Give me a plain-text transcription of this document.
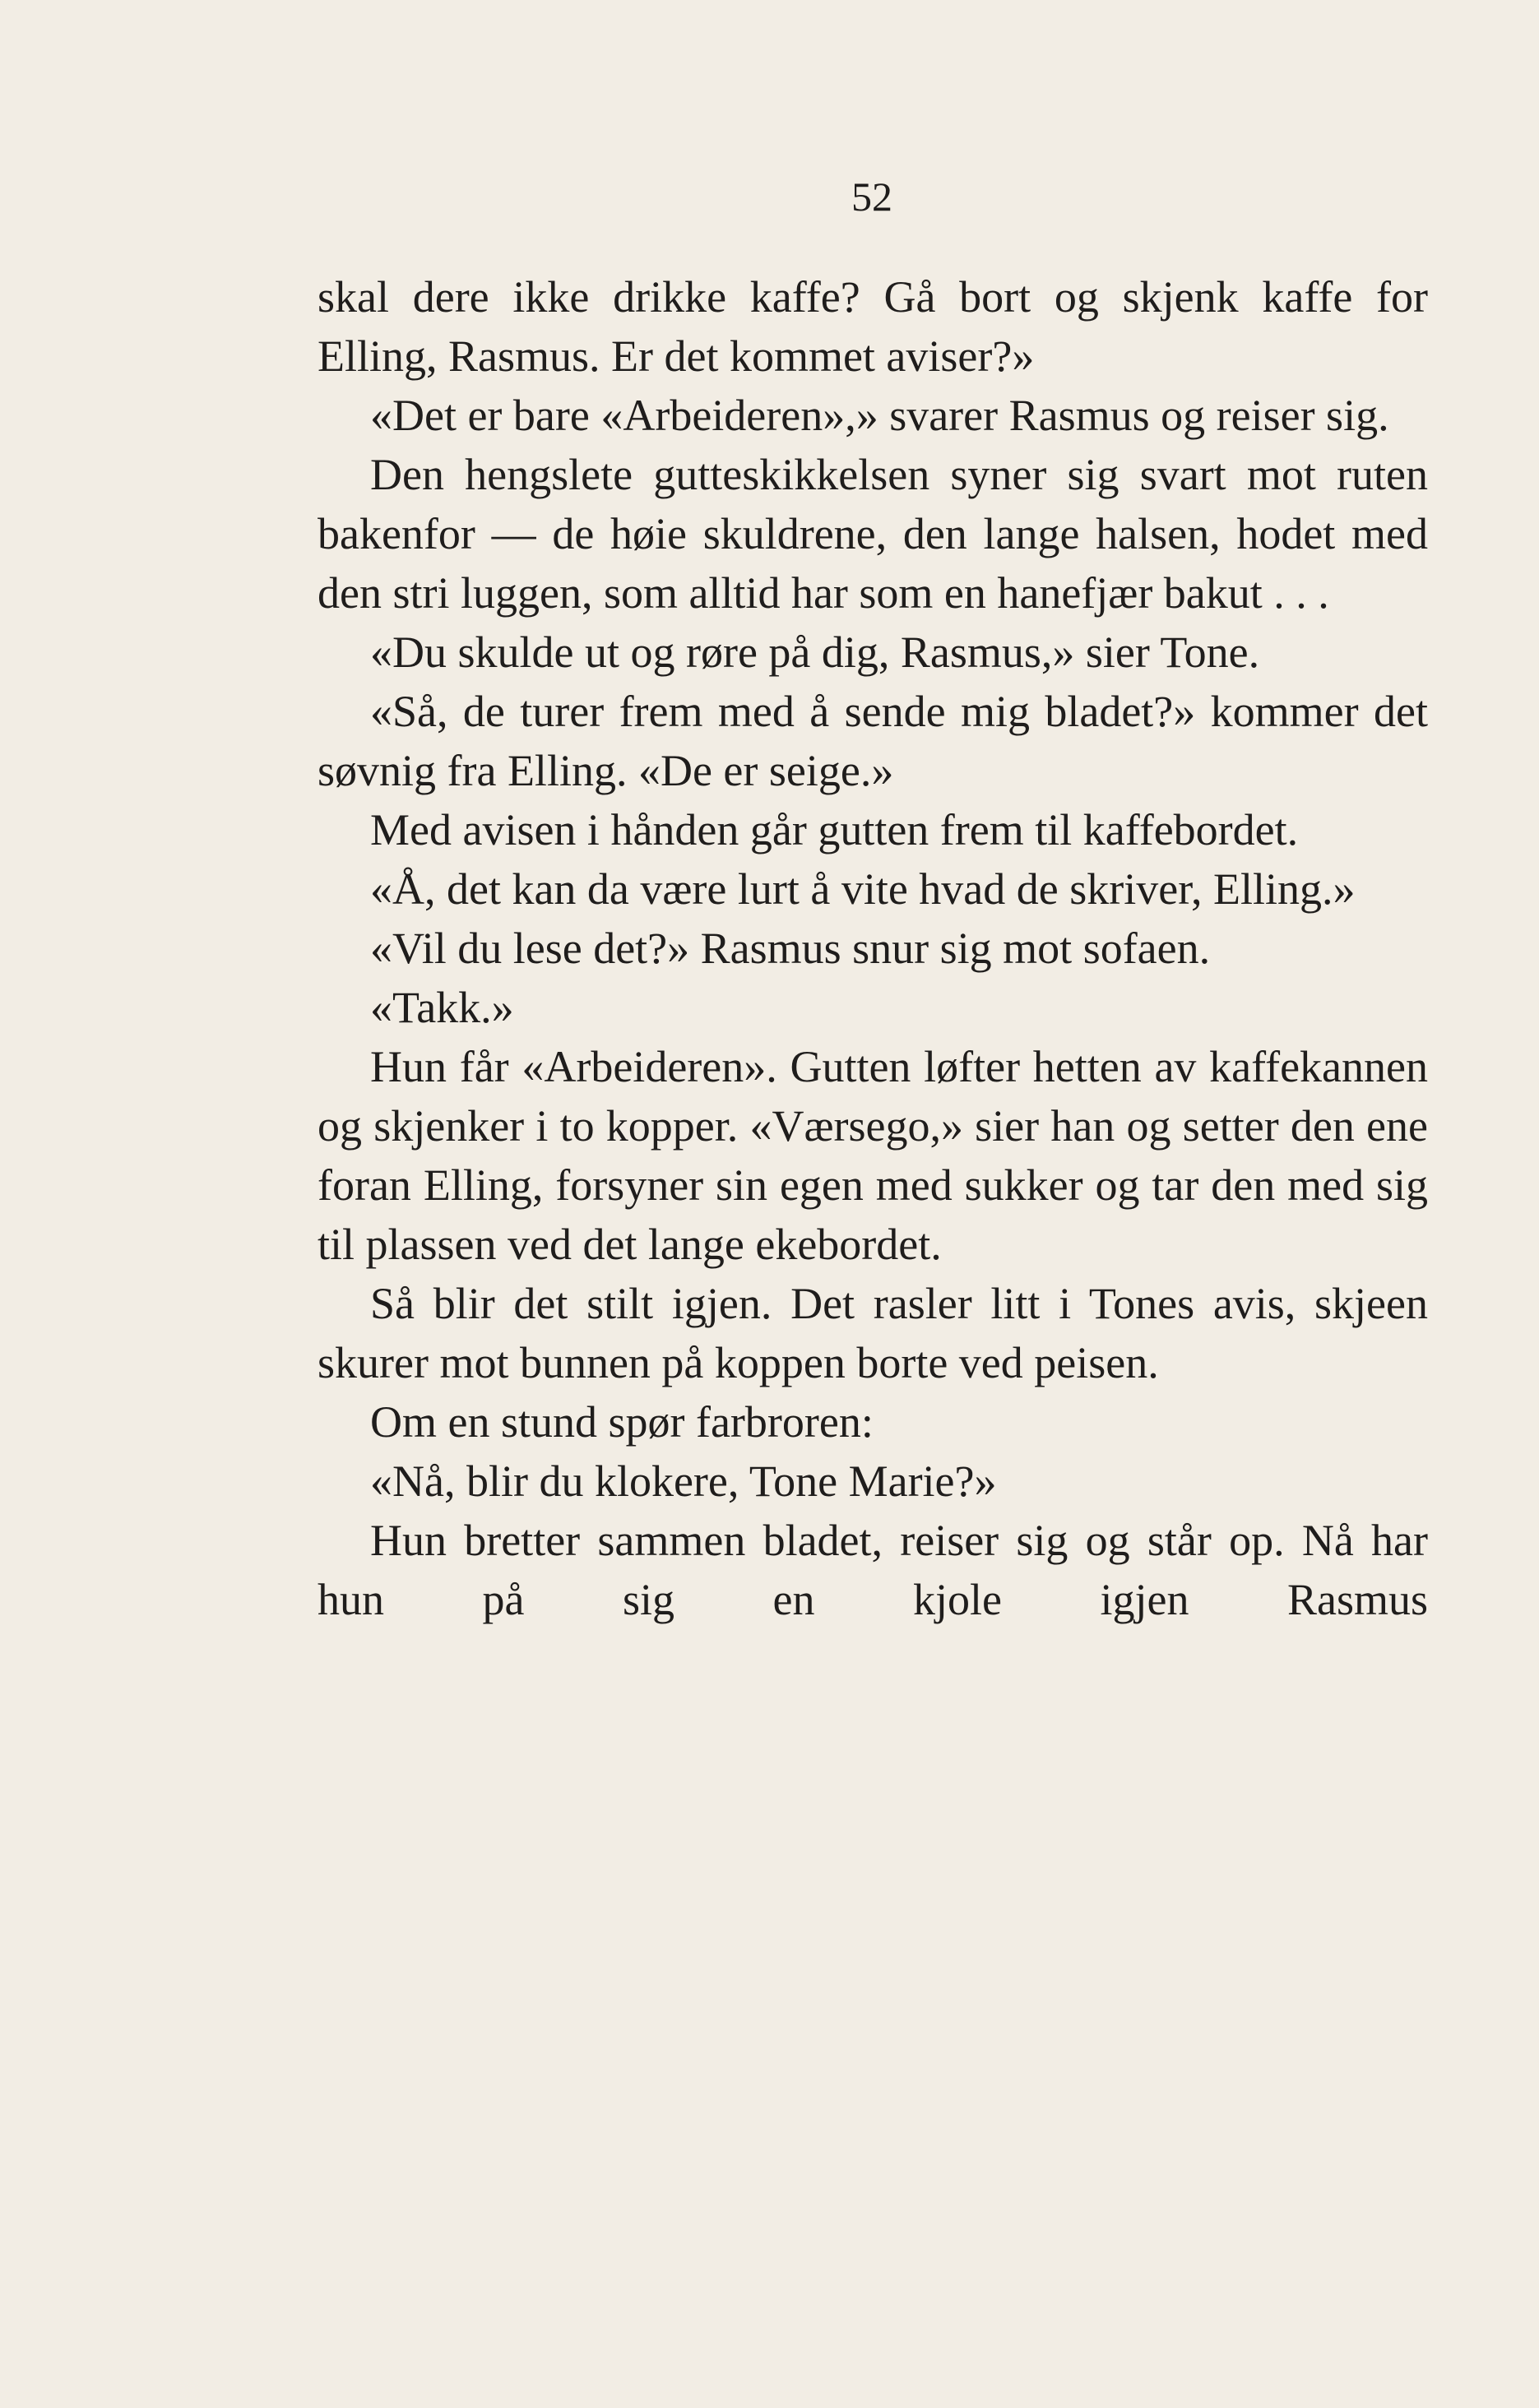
52

skal dere ikke drikke kaffe? Gå bort og skjenk kaffe for Elling, Rasmus. Er det kommet aviser?»

«Det er bare «Arbeideren»,» svarer Rasmus og reiser sig.

Den hengslete gutteskikkelsen syner sig svart mot ruten bakenfor — de høie skuldrene, den lange halsen, hodet med den stri luggen, som alltid har som en hanefjær bakut . . .

«Du skulde ut og røre på dig, Rasmus,» sier Tone.

«Så, de turer frem med å sende mig bladet?» kommer det søvnig fra Elling. «De er seige.»

Med avisen i hånden går gutten frem til kaffebordet.

«Å, det kan da være lurt å vite hvad de skriver, Elling.»

«Vil du lese det?» Rasmus snur sig mot sofaen.

«Takk.»

Hun får «Arbeideren». Gutten løfter hetten av kaffekannen og skjenker i to kopper. «Værsego,» sier han og setter den ene foran Elling, forsyner sin egen med sukker og tar den med sig til plassen ved det lange ekebordet.

Så blir det stilt igjen. Det rasler litt i Tones avis, skjeen skurer mot bunnen på koppen borte ved peisen.

Om en stund spør farbroren:

«Nå, blir du klokere, Tone Marie?»

Hun bretter sammen bladet, reiser sig og står op. Nå har hun på sig en kjole igjen Rasmus
